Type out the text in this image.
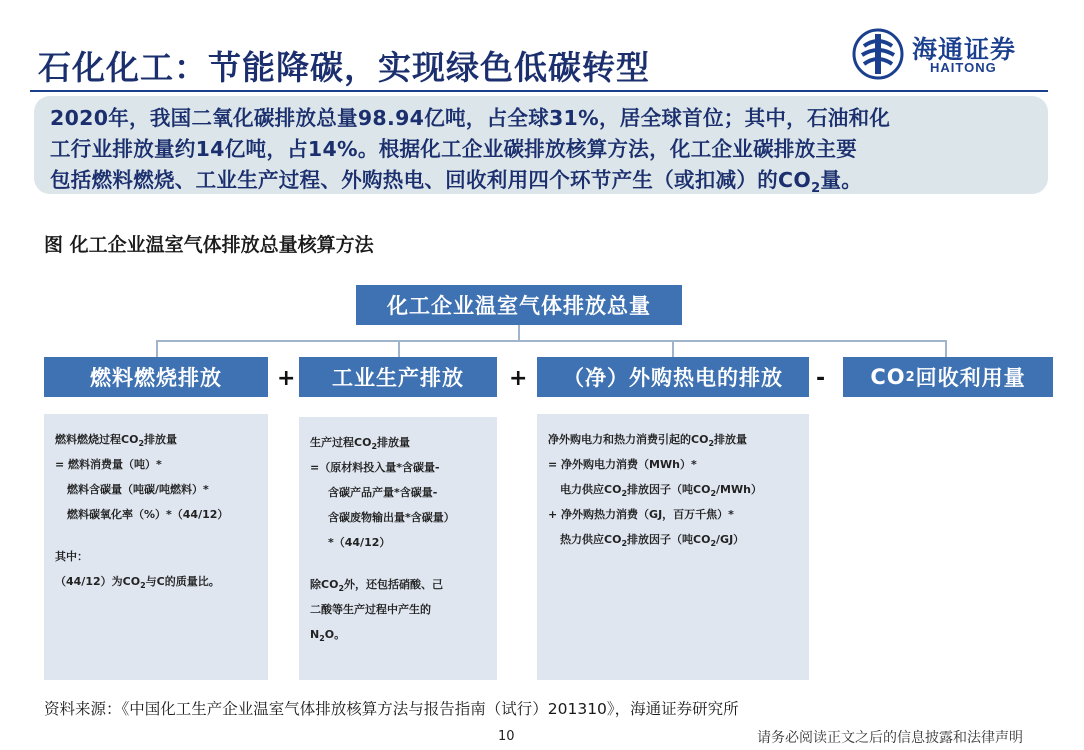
石化化工：节能降碳，实现绿色低碳转型	海通证券
HAITONG
2020年，我国二氧化碳排放总量98.94亿吨，占全球31%，居全球首位；其中，石油和化
工行业排放量约14亿吨，占14%。根据化工企业碳排放核算方法，化工企业碳排放主要
包括燃料燃烧、工业生产过程、外购热电、回收利用四个环节产生（或扣减）的$CO_2$量。
图 化工企业温室气体排放总量核算方法
化工企业温室气体排放总量
燃料燃烧排放	+	工业生产排放	+	（净）外购热电的排放	- CO 2 回收利用量
燃料燃烧过程$CO_2$排放量
= 燃料消费量（吨）*
燃料含碳量（吨碳/吨燃料）*
燃料碳氧化率（%）*（44/12）
其中：
（44/12）为$CO_2$与C的质量比。
生产过程$CO_2$排放量
=（原材料投入量*含碳量-
含碳产品产量*含碳量-
含碳废物输出量*含碳量）
*（44/12）
除$CO_2$外，还包括硝酸、己
二酸等生产过程中产生的
$N_2O$。
净外购电力和热力消费引起的$CO_2$排放量
= 净外购电力消费（MWh）*
电力供应$CO_2$排放因子（吨$CO_2/MWh$）
+ 净外购热力消费（GJ，百万千焦）*
热力供应$CO_2$排放因子（吨$CO_2/GJ$）
资料来源：《中国化工生产企业温室气体排放核算方法与报告指南（试行）201310》，海通证券研究所
10	请务必阅读正文之后的信息披露和法律声明
